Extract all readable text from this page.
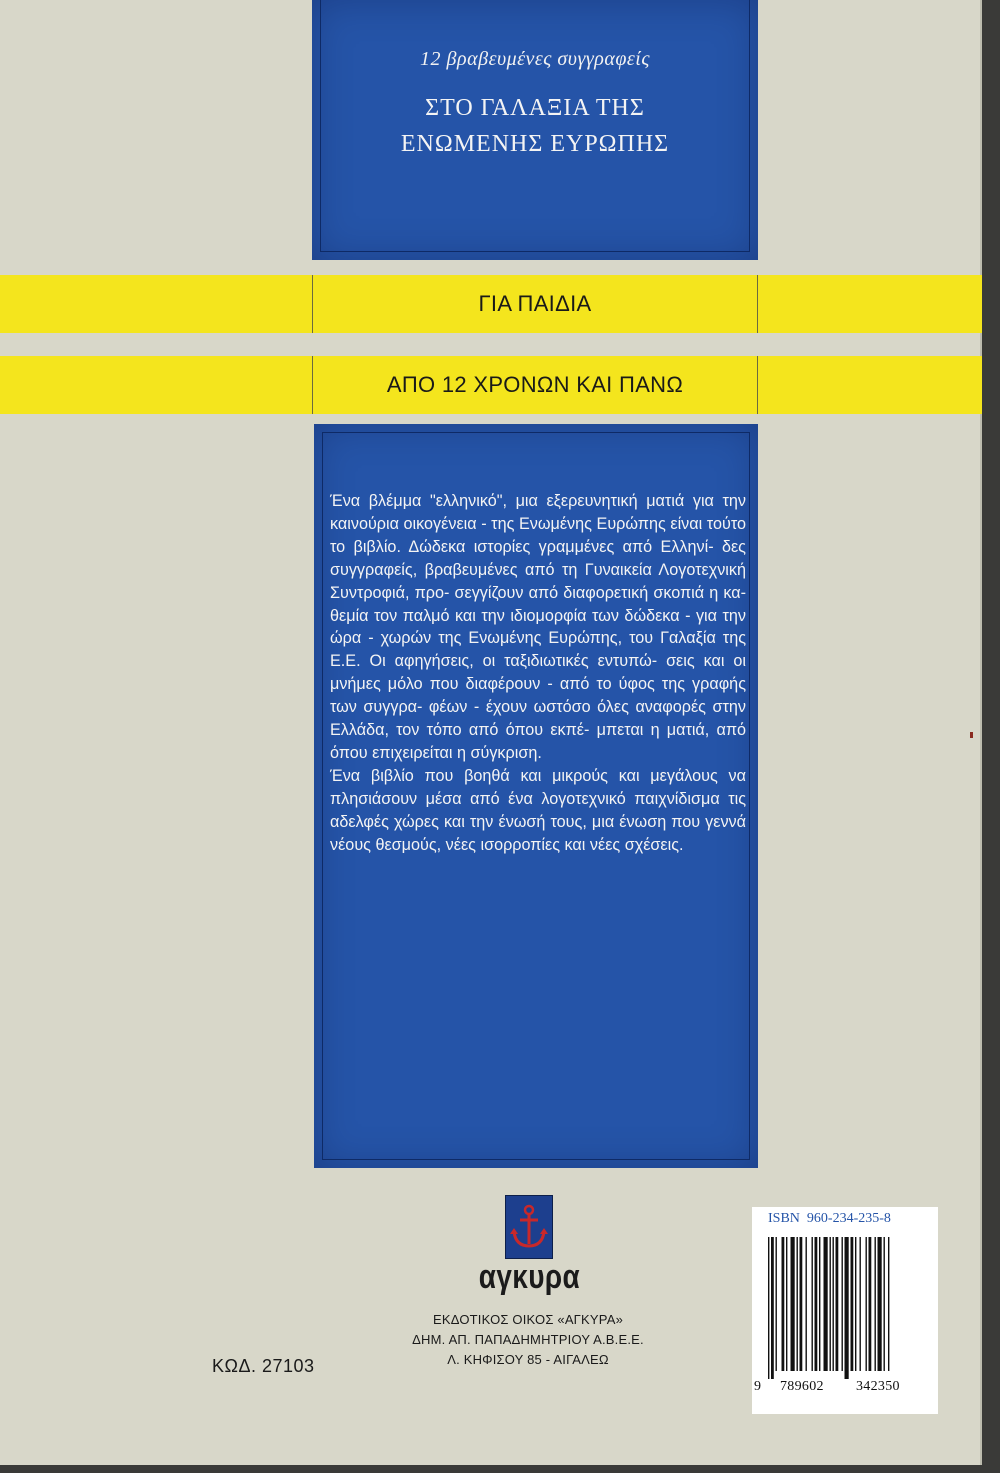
12 βραβευμένες συγγραφείς
ΣΤΟ ΓΑΛΑΞΙΑ ΤΗΣ
ΕΝΩΜΕΝΗΣ ΕΥΡΩΠΗΣ
ΓΙΑ ΠΑΙΔΙΑ
ΑΠΟ 12 ΧΡΟΝΩΝ ΚΑΙ ΠΑΝΩ

Ένα βλέμμα "ελληνικό", μια εξερευνητική ματιά για την καινούρια οικογένεια - της Ενωμένης Ευρώπης είναι τούτο το βιβλίο. Δώδεκα ιστορίες γραμμένες από Ελληνί- δες συγγραφείς, βραβευμένες από τη Γυναικεία Λογοτεχνική Συντροφιά, προ- σεγγίζουν από διαφορετική σκοπιά η κα- θεμία τον παλμό και την ιδιομορφία των δώδεκα - για την ώρα - χωρών της Ενωμένης Ευρώπης, του Γαλαξία της Ε.Ε. Οι αφηγήσεις, οι ταξιδιωτικές εντυπώ- σεις και οι μνήμες μόλο που διαφέρουν - από το ύφος της γραφής των συγγρα- φέων - έχουν ωστόσο όλες αναφορές στην Ελλάδα, τον τόπο από όπου εκπέ- μπεται η ματιά, από όπου επιχειρείται η σύγκριση.

Ένα βιβλίο που βοηθά και μικρούς και μεγάλους να πλησιάσουν μέσα από ένα λογοτεχνικό παιχνίδισμα τις αδελφές χώρες και την ένωσή τους, μια ένωση που γεννά νέους θεσμούς, νέες ισορροπίες και νέες σχέσεις.

αγκυρα
ΕΚΔΟΤΙΚΟΣ ΟΙΚΟΣ «ΑΓΚΥΡΑ»
ΔΗΜ. ΑΠ. ΠΑΠΑΔΗΜΗΤΡΙΟΥ Α.Β.Ε.Ε.
Λ. ΚΗΦΙΣΟΥ 85 - ΑΙΓΑΛΕΩ
ΚΩΔ. 27103
ISBN 960-234-235-8
9 789602 342350
